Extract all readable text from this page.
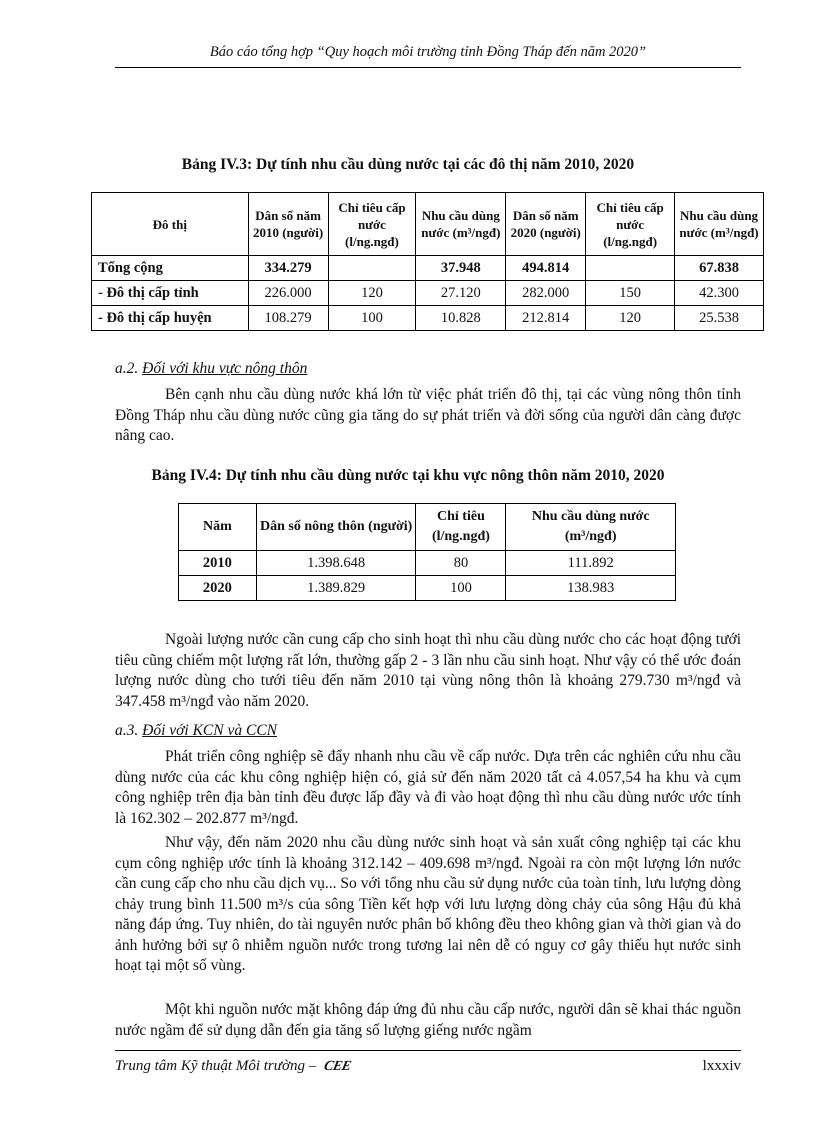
Báo cáo tổng hợp “Quy hoạch môi trường tỉnh Đồng Tháp đến năm 2020”
Bảng IV.3: Dự tính nhu cầu dùng nước tại các đô thị năm 2010, 2020
Đô thị	Dân số năm 2010 (người)	Chỉ tiêu cấp nước (l/ng.ngđ)	Nhu cầu dùng nước (m³/ngđ)	Dân số năm 2020 (người)	Chỉ tiêu cấp nước (l/ng.ngđ)	Nhu cầu dùng nước (m³/ngđ)
Tổng cộng	334.279		37.948	494.814		67.838
- Đô thị cấp tỉnh	226.000	120	27.120	282.000	150	42.300
- Đô thị cấp huyện	108.279	100	10.828	212.814	120	25.538
a.2. Đối với khu vực nông thôn

Bên cạnh nhu cầu dùng nước khá lớn từ việc phát triển đô thị, tại các vùng nông thôn tỉnh Đồng Tháp nhu cầu dùng nước cũng gia tăng do sự phát triển và đời sống của người dân càng được nâng cao.

Bảng IV.4: Dự tính nhu cầu dùng nước tại khu vực nông thôn năm 2010, 2020
Năm	Dân số nông thôn (người)	Chỉ tiêu (l/ng.ngđ)	Nhu cầu dùng nước (m³/ngđ)
2010	1.398.648	80	111.892
2020	1.389.829	100	138.983

Ngoài lượng nước cần cung cấp cho sinh hoạt thì nhu cầu dùng nước cho các hoạt động tưới tiêu cũng chiếm một lượng rất lớn, thường gấp 2 - 3 lần nhu cầu sinh hoạt. Như vậy có thể ước đoán lượng nước dùng cho tưới tiêu đến năm 2010 tại vùng nông thôn là khoảng 279.730 m³/ngđ và 347.458 m³/ngđ vào năm 2020.

a.3. Đối với KCN và CCN

Phát triển công nghiệp sẽ đẩy nhanh nhu cầu về cấp nước. Dựa trên các nghiên cứu nhu cầu dùng nước của các khu công nghiệp hiện có, giả sử đến năm 2020 tất cả 4.057,54 ha khu và cụm công nghiệp trên địa bàn tỉnh đều được lấp đầy và đi vào hoạt động thì nhu cầu dùng nước ước tính là 162.302 – 202.877 m³/ngđ.

Như vậy, đến năm 2020 nhu cầu dùng nước sinh hoạt và sản xuất công nghiệp tại các khu cụm công nghiệp ước tính là khoảng 312.142 – 409.698 m³/ngđ. Ngoài ra còn một lượng lớn nước cần cung cấp cho nhu cầu dịch vụ... So với tổng nhu cầu sử dụng nước của toàn tỉnh, lưu lượng dòng chảy trung bình 11.500 m³/s của sông Tiền kết hợp với lưu lượng dòng chảy của sông Hậu đủ khả năng đáp ứng. Tuy nhiên, do tài nguyên nước phân bố không đều theo không gian và thời gian và do ảnh hưởng bởi sự ô nhiễm nguồn nước trong tương lai nên dễ có nguy cơ gây thiếu hụt nước sinh hoạt tại một số vùng.

Một khi nguồn nước mặt không đáp ứng đủ nhu cầu cấp nước, người dân sẽ khai thác nguồn nước ngầm để sử dụng dẫn đến gia tăng số lượng giếng nước ngầm

Trung tâm Kỹ thuật Môi trường – CEE	lxxxiv
